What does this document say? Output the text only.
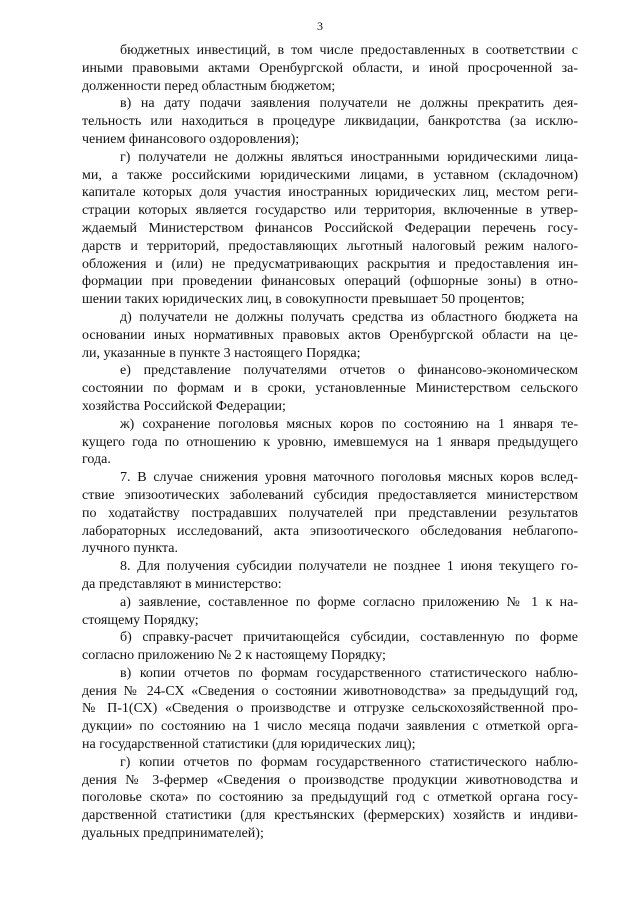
3
бюджетных инвестиций, в том числе предоставленных в соответствии с
иными правовыми актами Оренбургской области, и иной просроченной за-
долженности перед областным бюджетом;
в) на дату подачи заявления получатели не должны прекратить дея-
тельность или находиться в процедуре ликвидации, банкротства (за исклю-
чением финансового оздоровления);
г) получатели не должны являться иностранными юридическими лица-
ми, а также российскими юридическими лицами, в уставном (складочном)
капитале которых доля участия иностранных юридических лиц, местом реги-
страции которых является государство или территория, включенные в утвер-
ждаемый Министерством финансов Российской Федерации перечень госу-
дарств и территорий, предоставляющих льготный налоговый режим налого-
обложения и (или) не предусматривающих раскрытия и предоставления ин-
формации при проведении финансовых операций (офшорные зоны) в отно-
шении таких юридических лиц, в совокупности превышает 50 процентов;
д) получатели не должны получать средства из областного бюджета на
основании иных нормативных правовых актов Оренбургской области на це-
ли, указанные в пункте 3 настоящего Порядка;
е) представление получателями отчетов о финансово-экономическом
состоянии по формам и в сроки, установленные Министерством сельского
хозяйства Российской Федерации;
ж) сохранение поголовья мясных коров по состоянию на 1 января те-
кущего года по отношению к уровню, имевшемуся на 1 января предыдущего
года.
7. В случае снижения уровня маточного поголовья мясных коров вслед-
ствие эпизоотических заболеваний субсидия предоставляется министерством
по ходатайству пострадавших получателей при представлении результатов
лабораторных исследований, акта эпизоотического обследования неблагопо-
лучного пункта.
8. Для получения субсидии получатели не позднее 1 июня текущего го-
да представляют в министерство:
а) заявление, составленное по форме согласно приложению № 1 к на-
стоящему Порядку;
б) справку-расчет причитающейся субсидии, составленную по форме
согласно приложению № 2 к настоящему Порядку;
в) копии отчетов по формам государственного статистического наблю-
дения № 24-СХ «Сведения о состоянии животноводства» за предыдущий год,
№ П-1(СХ) «Сведения о производстве и отгрузке сельскохозяйственной про-
дукции» по состоянию на 1 число месяца подачи заявления с отметкой орга-
на государственной статистики (для юридических лиц);
г) копии отчетов по формам государственного статистического наблю-
дения № 3-фермер «Сведения о производстве продукции животноводства и
поголовье скота» по состоянию за предыдущий год с отметкой органа госу-
дарственной статистики (для крестьянских (фермерских) хозяйств и индиви-
дуальных предпринимателей);
